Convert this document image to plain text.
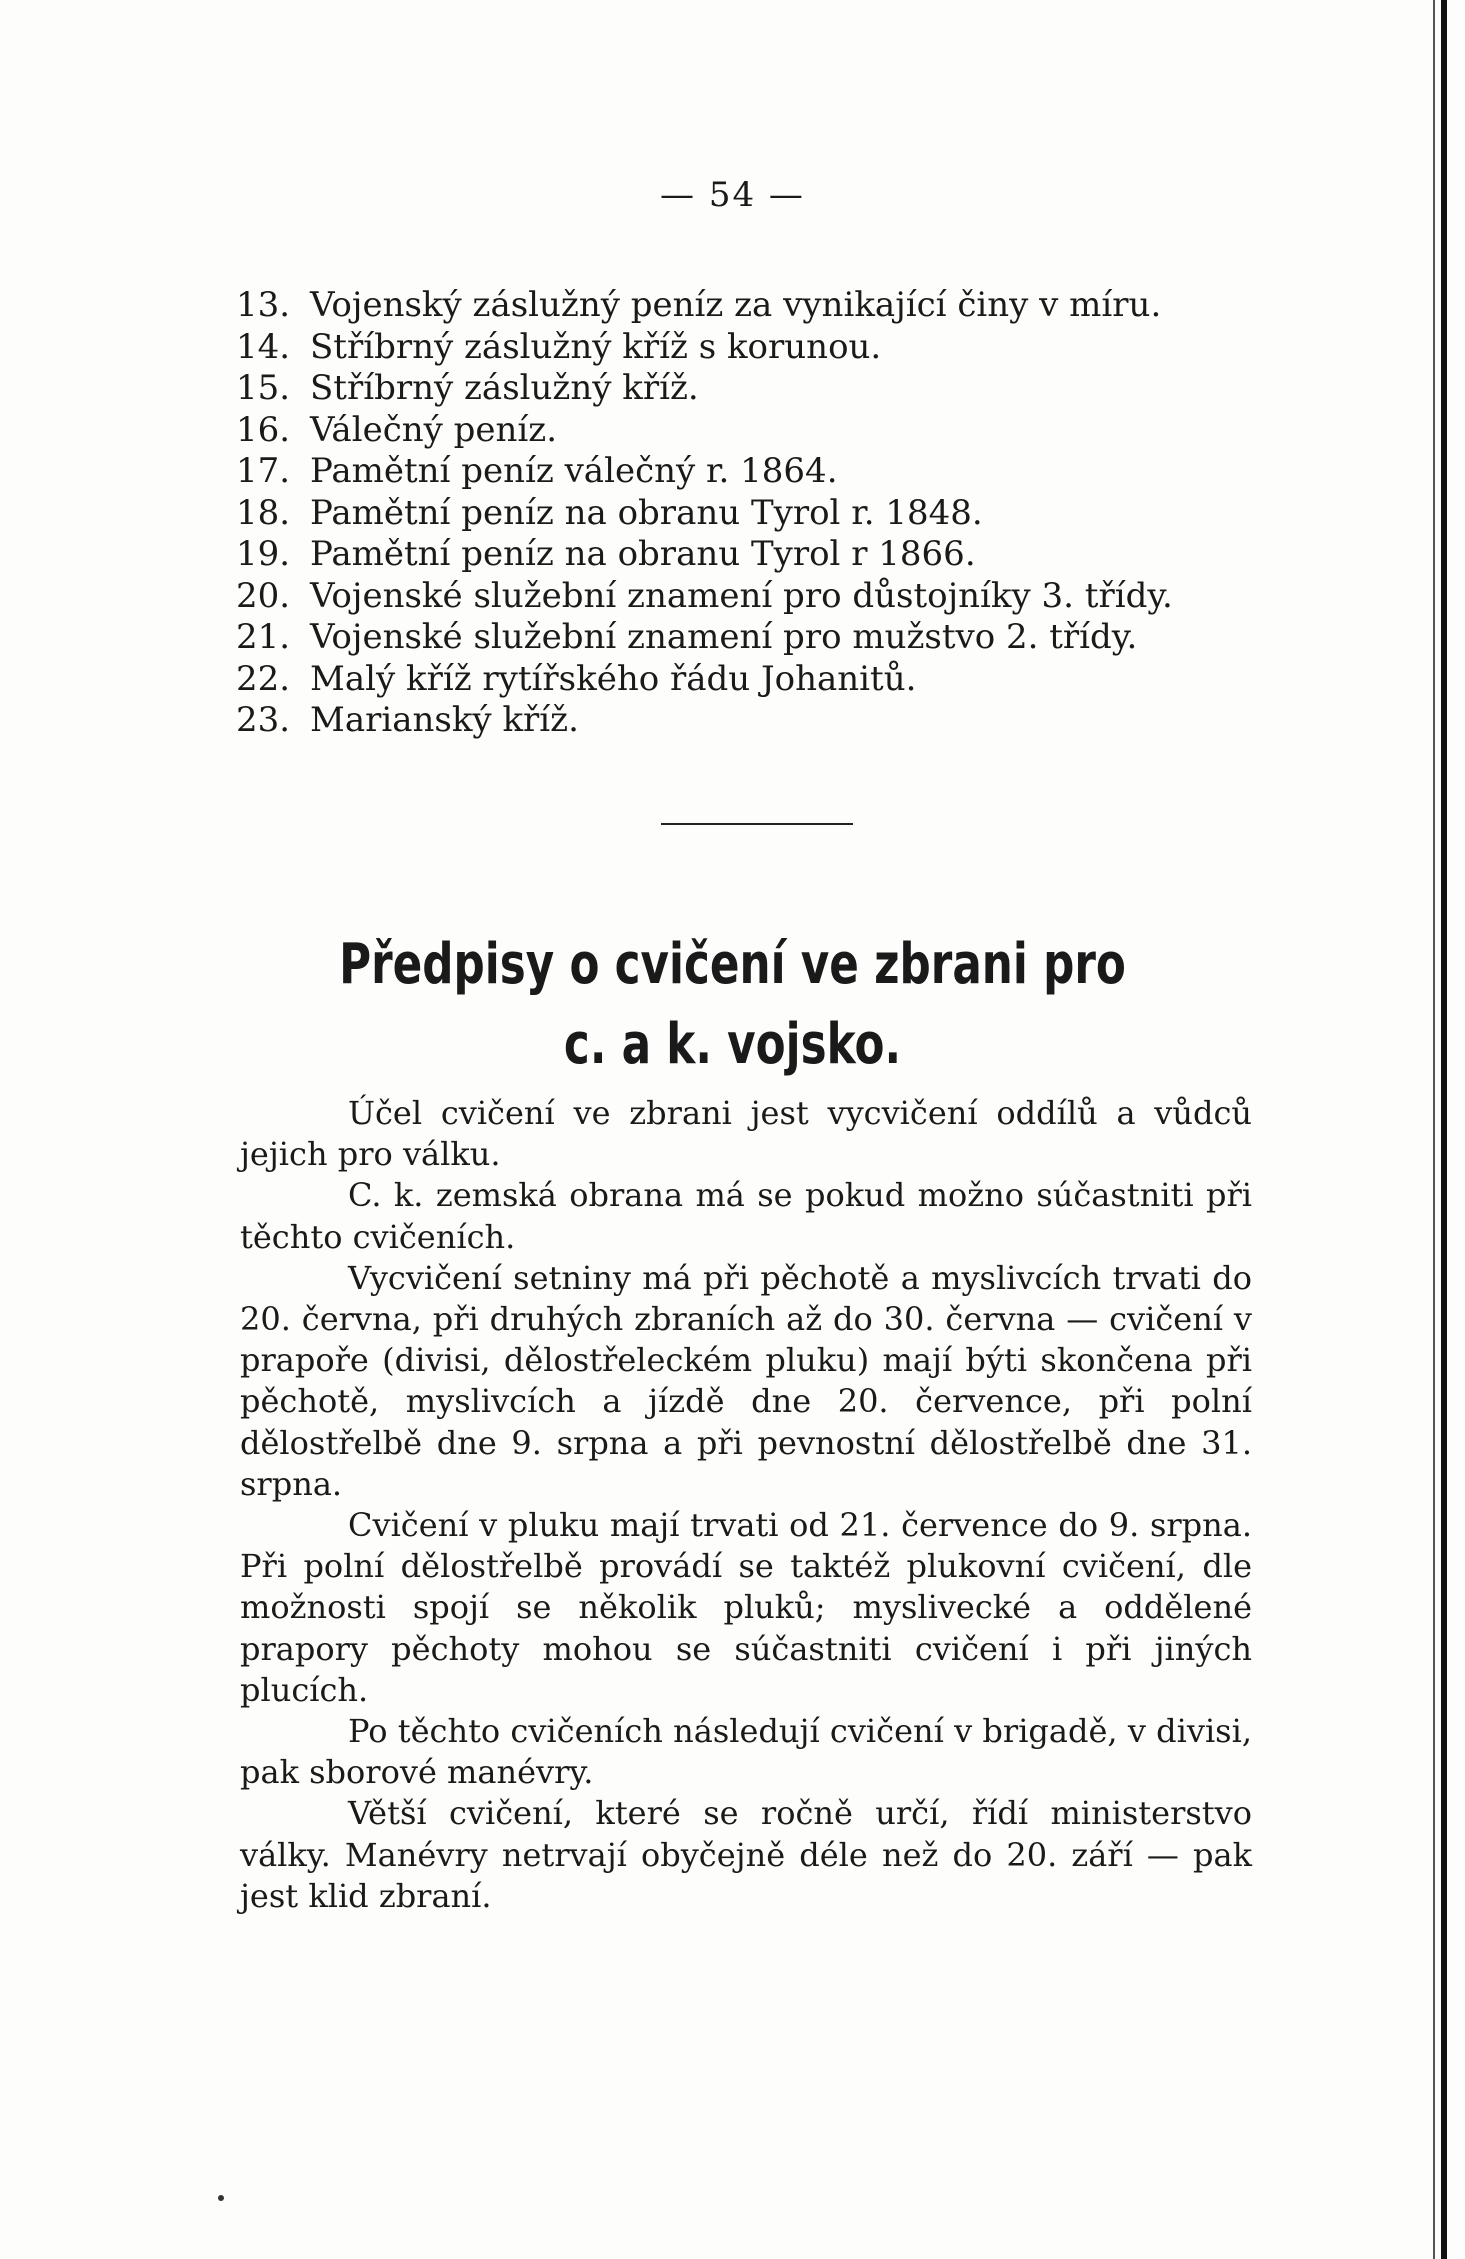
— 54 —
13. Vojenský záslužný peníz za vynikající činy v míru.
14. Stříbrný záslužný kříž s korunou.
15. Stříbrný záslužný kříž.
16. Válečný peníz.
17. Pamětní peníz válečný r. 1864.
18. Pamětní peníz na obranu Tyrol r. 1848.
19. Pamětní peníz na obranu Tyrol r 1866.
20. Vojenské služební znamení pro důstojníky 3. třídy.
21. Vojenské služební znamení pro mužstvo 2. třídy.
22. Malý kříž rytířského řádu Johanitů.
23. Marianský kříž.
Předpisy o cvičení ve zbrani pro
c. a k. vojsko.

Účel cvičení ve zbrani jest vycvičení oddílů a vůdců jejich pro válku.

C. k. zemská obrana má se pokud možno súčastniti při těchto cvičeních.

Vycvičení setniny má při pěchotě a myslivcích trvati do 20. června, při druhých zbraních až do 30. června — cvičení v prapoře (divisi, dělostřeleckém pluku) mají býti skončena při pěchotě, myslivcích a jízdě dne 20. července, při polní dělostřelbě dne 9. srpna a při pevnostní dělostřelbě dne 31. srpna.

Cvičení v pluku mají trvati od 21. července do 9. srpna. Při polní dělostřelbě provádí se taktéž plukovní cvičení, dle možnosti spojí se několik pluků; myslivecké a oddělené prapory pěchoty mohou se súčastniti cvičení i při jiných plucích.

Po těchto cvičeních následují cvičení v brigadě, v divisi, pak sborové manévry.

Větší cvičení, které se ročně určí, řídí ministerstvo války. Manévry netrvají obyčejně déle než do 20. září — pak jest klid zbraní.
